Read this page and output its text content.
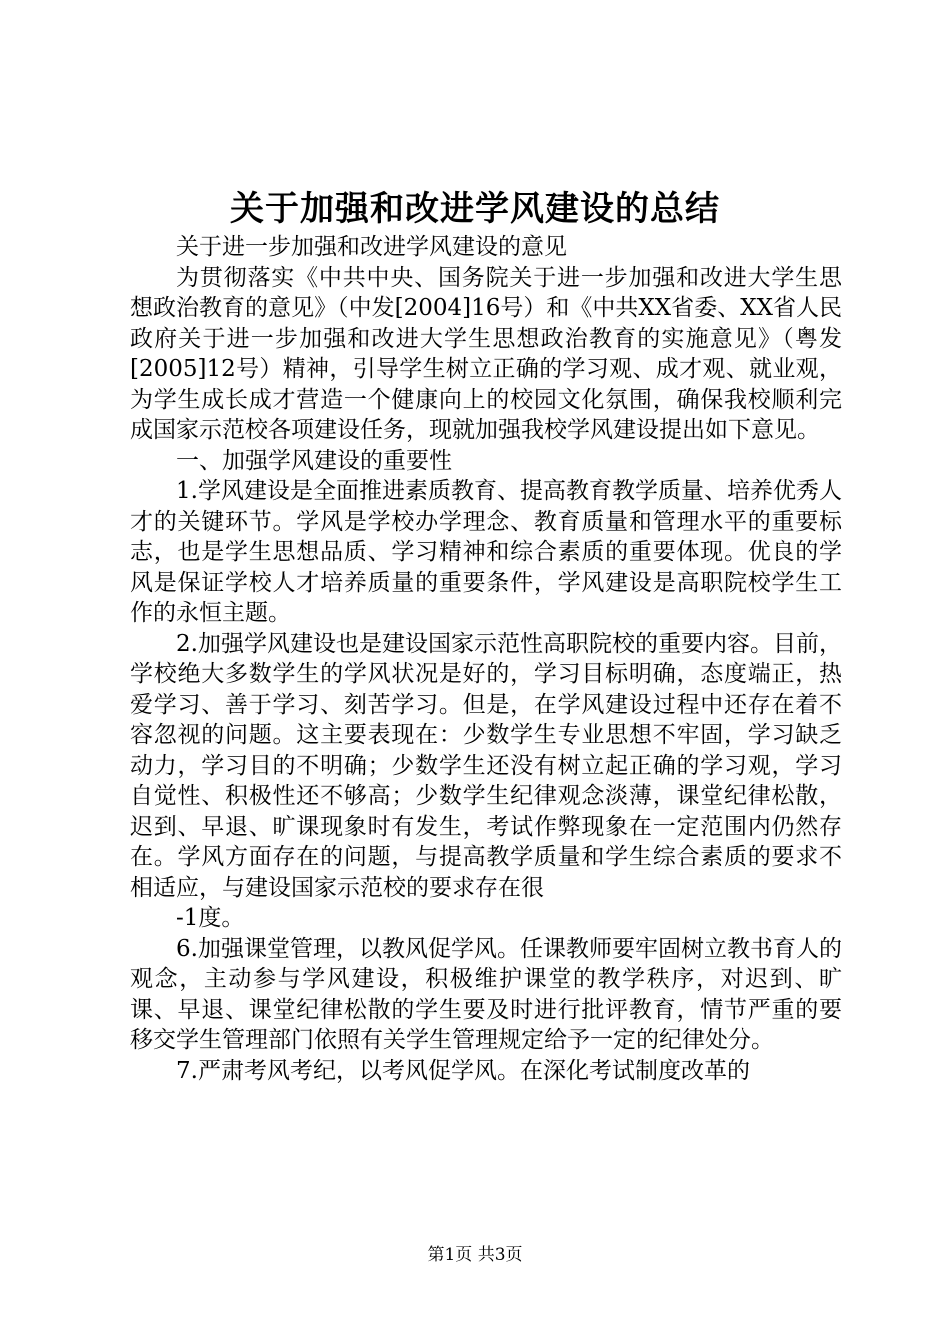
关于加强和改进学风建设的总结

关于进一步加强和改进学风建设的意见

为贯彻落实《中共中央、国务院关于进一步加强和改进大学生思想政治教育的意见》（中发[2004]16号）和《中共XX省委、XX省人民政府关于进一步加强和改进大学生思想政治教育的实施意见》（粤发[2005]12号）精神，引导学生树立正确的学习观、成才观、就业观，为学生成长成才营造一个健康向上的校园文化氛围，确保我校顺利完成国家示范校各项建设任务，现就加强我校学风建设提出如下意见。

一、加强学风建设的重要性

1.学风建设是全面推进素质教育、提高教育教学质量、培养优秀人才的关键环节。学风是学校办学理念、教育质量和管理水平的重要标志，也是学生思想品质、学习精神和综合素质的重要体现。优良的学风是保证学校人才培养质量的重要条件，学风建设是高职院校学生工作的永恒主题。

2.加强学风建设也是建设国家示范性高职院校的重要内容。目前，学校绝大多数学生的学风状况是好的，学习目标明确，态度端正，热爱学习、善于学习、刻苦学习。但是，在学风建设过程中还存在着不容忽视的问题。这主要表现在：少数学生专业思想不牢固，学习缺乏动力，学习目的不明确；少数学生还没有树立起正确的学习观，学习自觉性、积极性还不够高；少数学生纪律观念淡薄，课堂纪律松散，迟到、早退、旷课现象时有发生，考试作弊现象在一定范围内仍然存在。学风方面存在的问题，与提高教学质量和学生综合素质的要求不相适应，与建设国家示范校的要求存在很

-1度。

6.加强课堂管理，以教风促学风。任课教师要牢固树立教书育人的观念，主动参与学风建设，积极维护课堂的教学秩序，对迟到、旷课、早退、课堂纪律松散的学生要及时进行批评教育，情节严重的要移交学生管理部门依照有关学生管理规定给予一定的纪律处分。

7.严肃考风考纪，以考风促学风。在深化考试制度改革的

第1页 共3页
